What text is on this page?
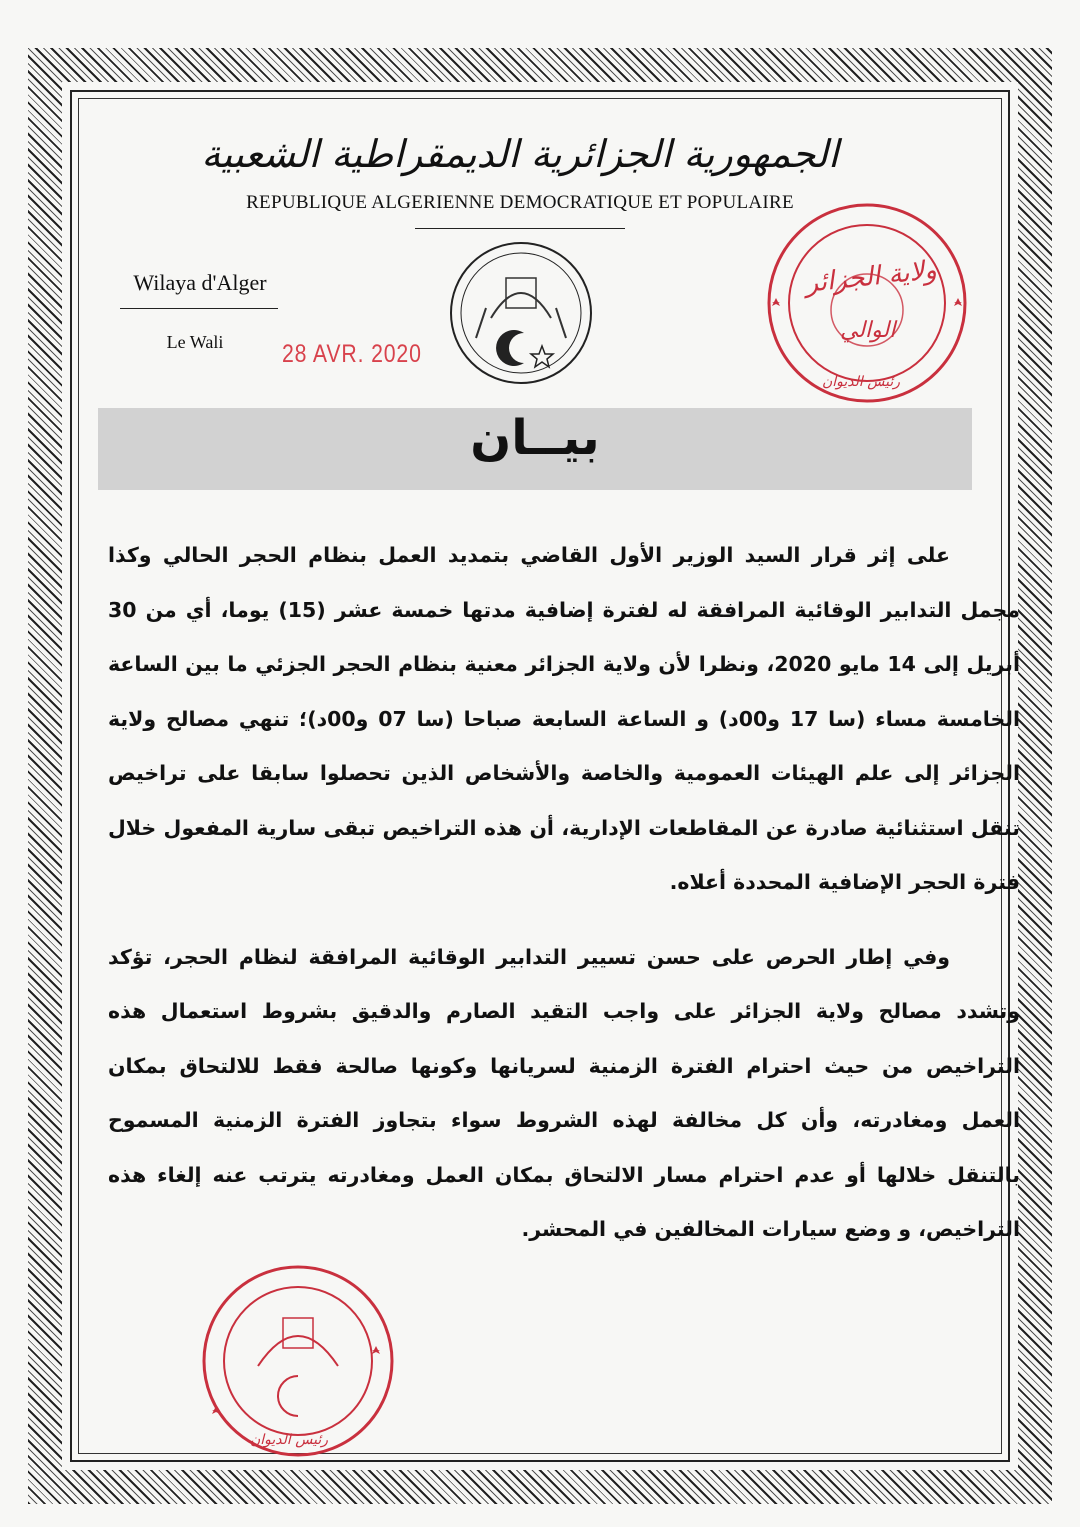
الجمهورية الجزائرية الديمقراطية الشعبية
REPUBLIQUE ALGERIENNE DEMOCRATIQUE ET POPULAIRE
Wilaya d'Alger
Le Wali	28 AVR. 2020
ولاية الجزائر
الوالي
رئيس الديوان
بيــان

على إثر قرار السيد الوزير الأول القاضي بتمديد العمل بنظام الحجر الحالي وكذا مجمل التدابير الوقائية المرافقة له لفترة إضافية مدتها خمسة عشر (15) يوما، أي من 30 أبريل إلى 14 مايو 2020، ونظرا لأن ولاية الجزائر معنية بنظام الحجر الجزئي ما بين الساعة الخامسة مساء (سا 17 و00د) و الساعة السابعة صباحا (سا 07 و00د)؛ تنهي مصالح ولاية الجزائر إلى علم الهيئات العمومية والخاصة والأشخاص الذين تحصلوا سابقا على تراخيص تنقل استثنائية صادرة عن المقاطعات الإدارية، أن هذه التراخيص تبقى سارية المفعول خلال فترة الحجر الإضافية المحددة أعلاه.

وفي إطار الحرص على حسن تسيير التدابير الوقائية المرافقة لنظام الحجر، تؤكد وتشدد مصالح ولاية الجزائر على واجب التقيد الصارم والدقيق بشروط استعمال هذه التراخيص من حيث احترام الفترة الزمنية لسريانها وكونها صالحة فقط للالتحاق بمكان العمل ومغادرته، وأن كل مخالفة لهذه الشروط سواء بتجاوز الفترة الزمنية المسموح بالتنقل خلالها أو عدم احترام مسار الالتحاق بمكان العمل ومغادرته يترتب عنه إلغاء هذه التراخيص، و وضع سيارات المخالفين في المحشر.

رئيس الديوان
